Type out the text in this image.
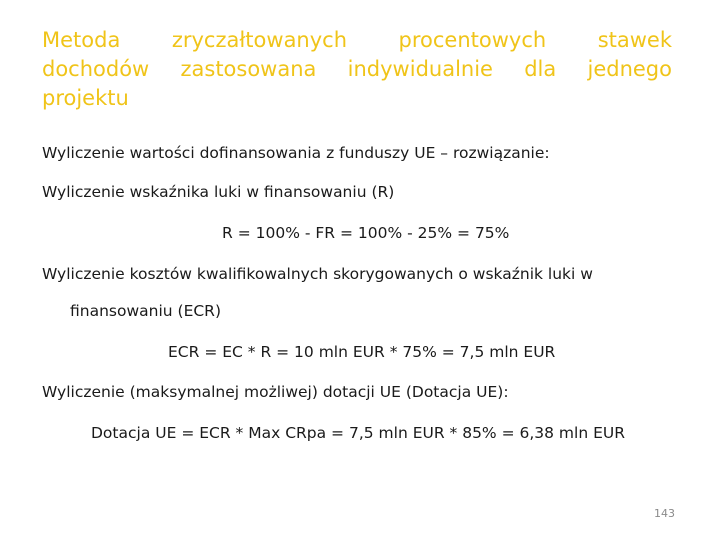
Metoda zryczałtowanych procentowych stawek
dochodów zastosowana indywidualnie dla jednego
projektu

Wyliczenie wartości dofinansowania z funduszy UE – rozwiązanie:

Wyliczenie wskaźnika luki w finansowaniu (R)

R = 100% - FR = 100% - 25% = 75%

Wyliczenie kosztów kwalifikowalnych skorygowanych o wskaźnik luki w

finansowaniu (ECR)

ECR = EC * R = 10 mln EUR * 75% = 7,5 mln EUR

Wyliczenie (maksymalnej możliwej) dotacji UE (Dotacja UE):

Dotacja UE = ECR * Max CRpa = 7,5 mln EUR * 85% = 6,38 mln EUR

143
